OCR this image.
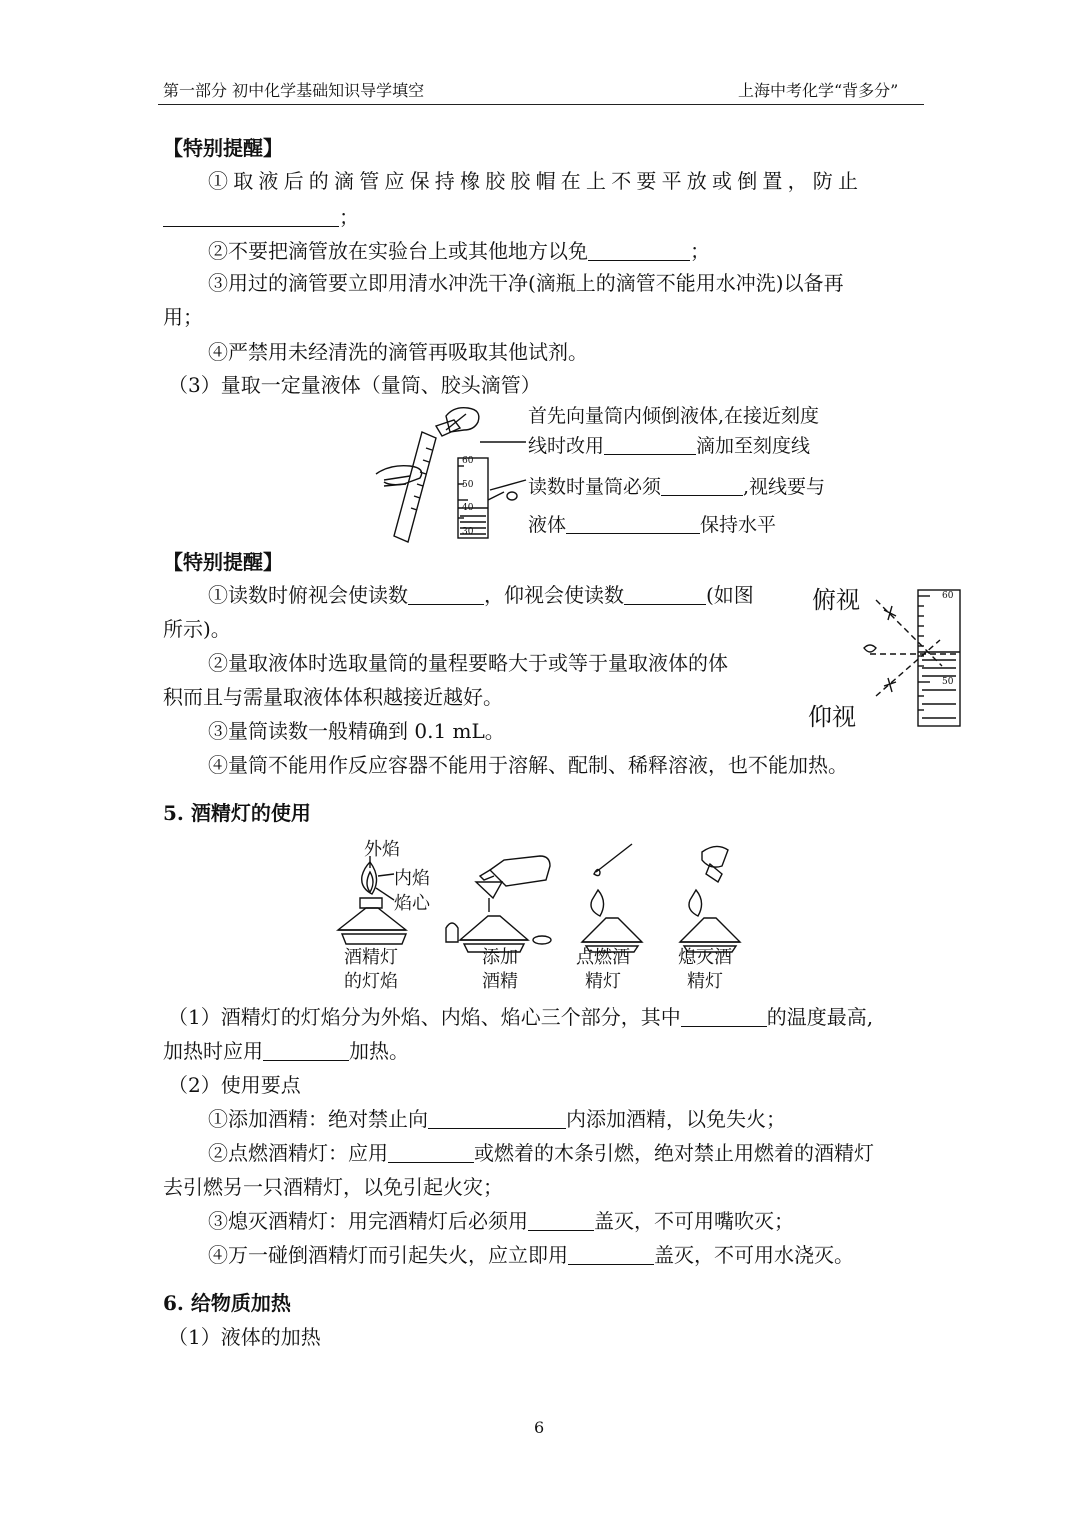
第一部分 初中化学基础知识导学填空	上海中考化学“背多分”
【特别提醒】
①取液后的滴管应保持橡胶胶帽在上不要平放或倒置，防止
；
②不要把滴管放在实验台上或其他地方以免	；
③用过的滴管要立即用清水冲洗干净(滴瓶上的滴管不能用水冲洗)以备再
用；
④严禁用未经清洗的滴管再吸取其他试剂。
（3）量取一定量液体（量筒、胶头滴管）
60
50
40
30
首先向量筒内倾倒液体,在接近刻度
线时改用	滴加至刻度线
读数时量筒必须	,视线要与
液体	保持水平
【特别提醒】
①读数时俯视会使读数	，仰视会使读数	(如图
所示)。
②量取液体时选取量筒的量程要略大于或等于量取液体的体
积而且与需量取液体体积越接近越好。
③量筒读数一般精确到 0.1 mL。
④量筒不能用作反应容器不能用于溶解、配制、稀释溶液，也不能加热。
俯视
仰视
60
50
5. 酒精灯的使用
外焰
内焰
焰心
酒精灯
的灯焰
添加
酒精
点燃酒
精灯
熄灭酒
精灯
（1）酒精灯的灯焰分为外焰、内焰、焰心三个部分，其中	的温度最高,
加热时应用	加热。
（2）使用要点
①添加酒精：绝对禁止向	内添加酒精，以免失火；
②点燃酒精灯：应用	或燃着的木条引燃，绝对禁止用燃着的酒精灯
去引燃另一只酒精灯，以免引起火灾；
③熄灭酒精灯：用完酒精灯后必须用	盖灭，不可用嘴吹灭；
④万一碰倒酒精灯而引起失火，应立即用	盖灭，不可用水浇灭。
6. 给物质加热
（1）液体的加热
6
